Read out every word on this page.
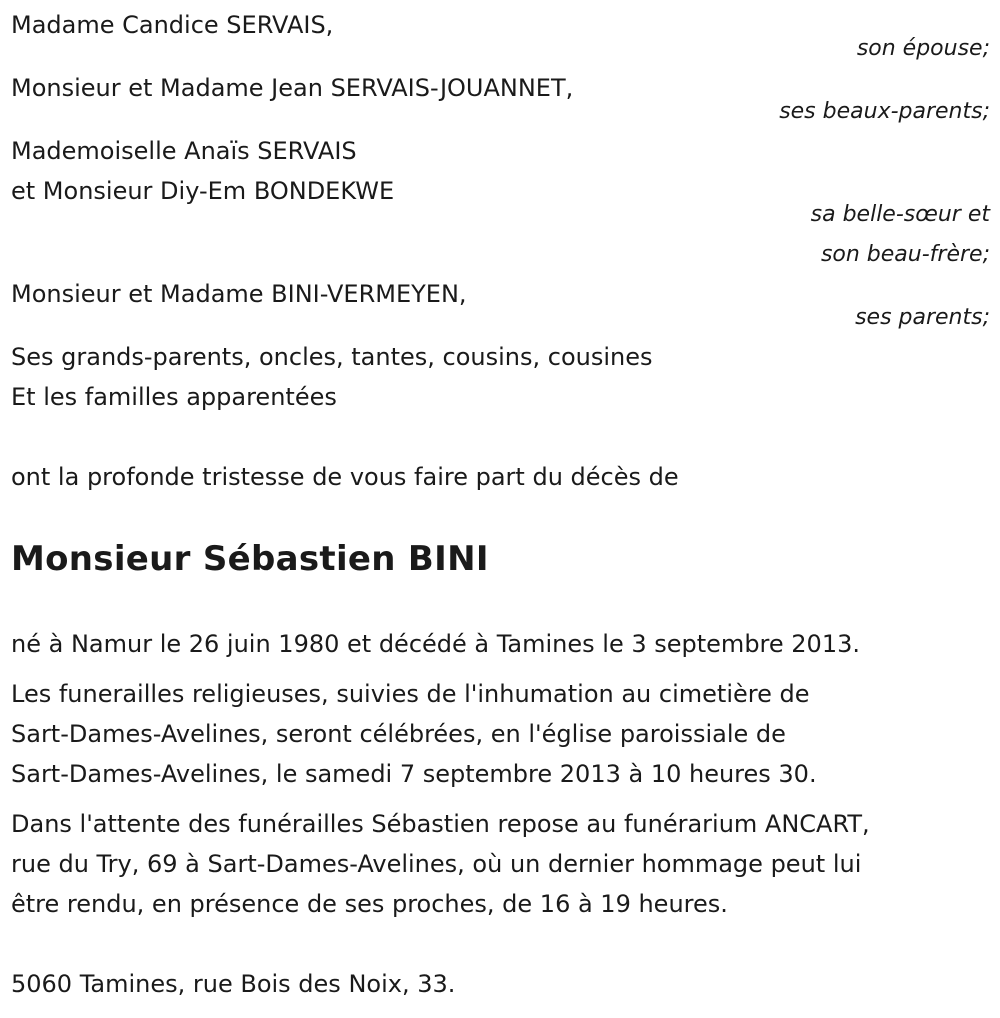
Madame Candice SERVAIS,
son épouse;
Monsieur et Madame Jean SERVAIS-JOUANNET,
ses beaux-parents;
Mademoiselle Anaïs SERVAIS
et Monsieur Diy-Em BONDEKWE
sa belle-sœur et
son beau-frère;
Monsieur et Madame BINI-VERMEYEN,
ses parents;
Ses grands-parents, oncles, tantes, cousins, cousines
Et les familles apparentées
ont la profonde tristesse de vous faire part du décès de
Monsieur Sébastien BINI
né à Namur le 26 juin 1980 et décédé à Tamines le 3 septembre 2013.
Les funerailles religieuses, suivies de l'inhumation au cimetière de
Sart-Dames-Avelines, seront célébrées, en l'église paroissiale de
Sart-Dames-Avelines, le samedi 7 septembre 2013 à 10 heures 30.
Dans l'attente des funérailles Sébastien repose au funérarium ANCART,
rue du Try, 69 à Sart-Dames-Avelines, où un dernier hommage peut lui
être rendu, en présence de ses proches, de 16 à 19 heures.
5060 Tamines, rue Bois des Noix, 33.
